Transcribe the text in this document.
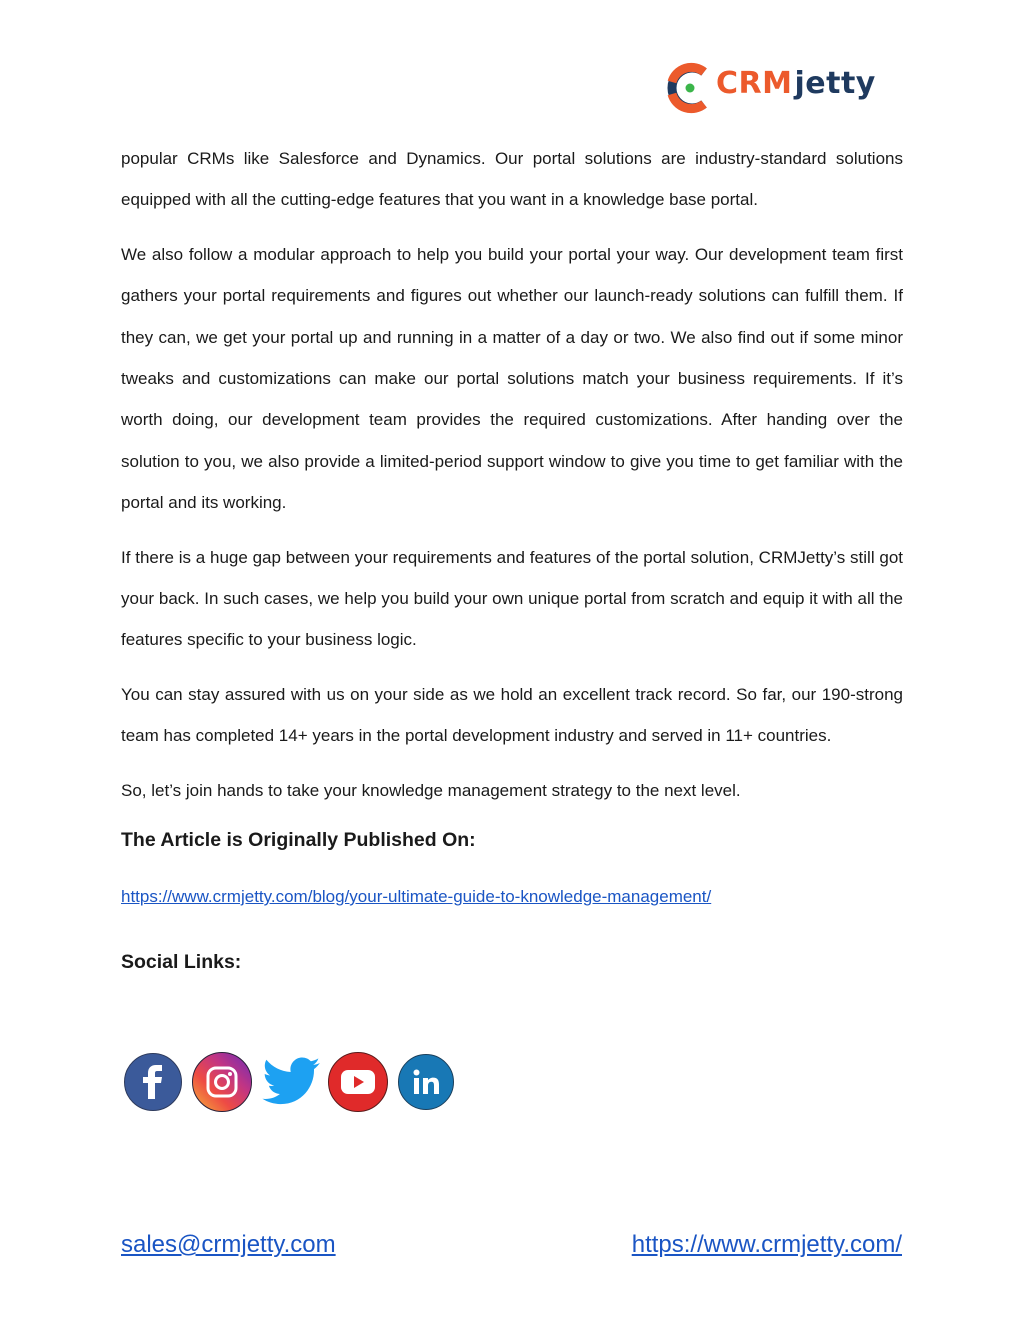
CRMjetty

popular CRMs like Salesforce and Dynamics. Our portal solutions are industry-standard solutions equipped with all the cutting-edge features that you want in a knowledge base portal.

We also follow a modular approach to help you build your portal your way. Our development team first gathers your portal requirements and figures out whether our launch-ready solutions can fulfill them. If they can, we get your portal up and running in a matter of a day or two. We also find out if some minor tweaks and customizations can make our portal solutions match your business requirements. If it’s worth doing, our development team provides the required customizations. After handing over the solution to you, we also provide a limited-period support window to give you time to get familiar with the portal and its working.

If there is a huge gap between your requirements and features of the portal solution, CRMJetty’s still got your back. In such cases, we help you build your own unique portal from scratch and equip it with all the features specific to your business logic.

You can stay assured with us on your side as we hold an excellent track record. So far, our 190-strong team has completed 14+ years in the portal development industry and served in 11+ countries.

So, let’s join hands to take your knowledge management strategy to the next level.

The Article is Originally Published On:
https://www.crmjetty.com/blog/your-ultimate-guide-to-knowledge-management/
Social Links:
sales@crmjetty.com	https://www.crmjetty.com/
